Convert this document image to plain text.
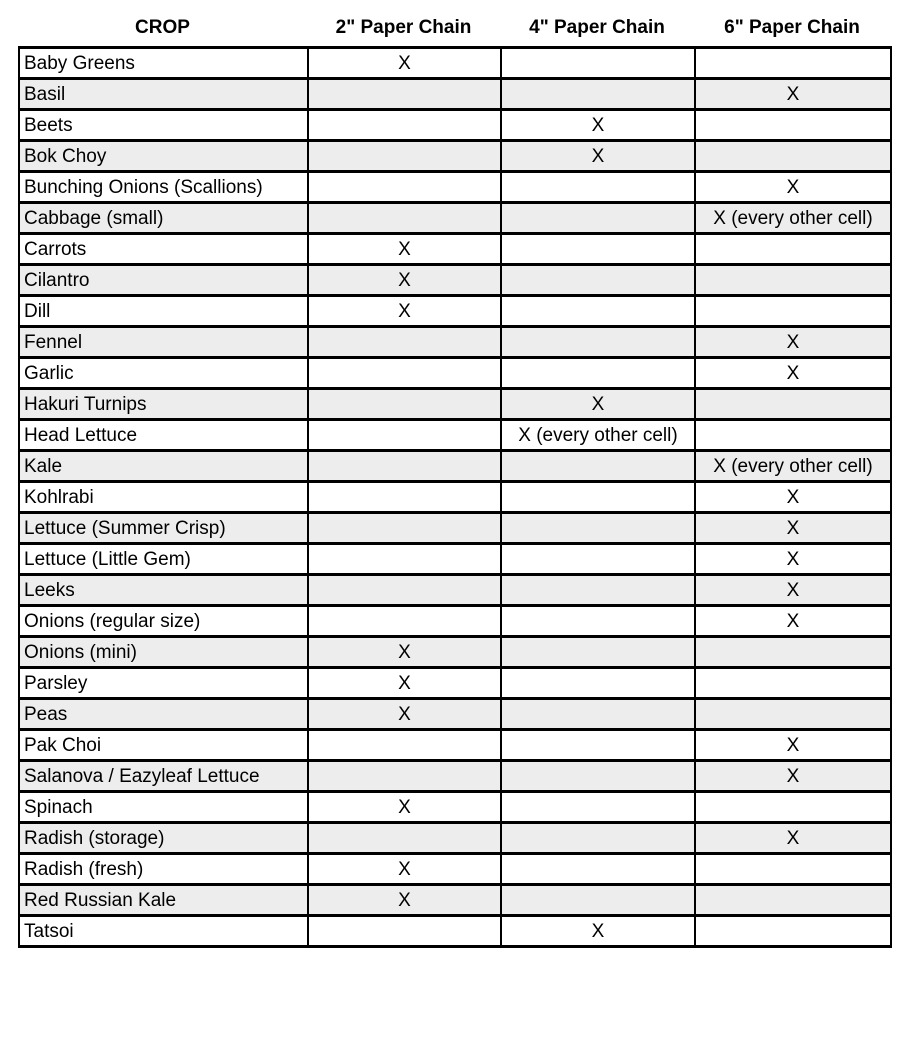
CROP	2" Paper Chain	4" Paper Chain	6" Paper Chain
Baby Greens	X		
Basil			X
Beets		X	
Bok Choy		X	
Bunching Onions (Scallions)			X
Cabbage (small)			X (every other cell)
Carrots	X		
Cilantro	X		
Dill	X		
Fennel			X
Garlic			X
Hakuri Turnips		X	
Head Lettuce		X (every other cell)	
Kale			X (every other cell)
Kohlrabi			X
Lettuce (Summer Crisp)			X
Lettuce (Little Gem)			X
Leeks			X
Onions (regular size)			X
Onions (mini)	X		
Parsley	X		
Peas	X		
Pak Choi			X
Salanova / Eazyleaf Lettuce			X
Spinach	X		
Radish (storage)			X
Radish (fresh)	X		
Red Russian Kale	X		
Tatsoi		X	
